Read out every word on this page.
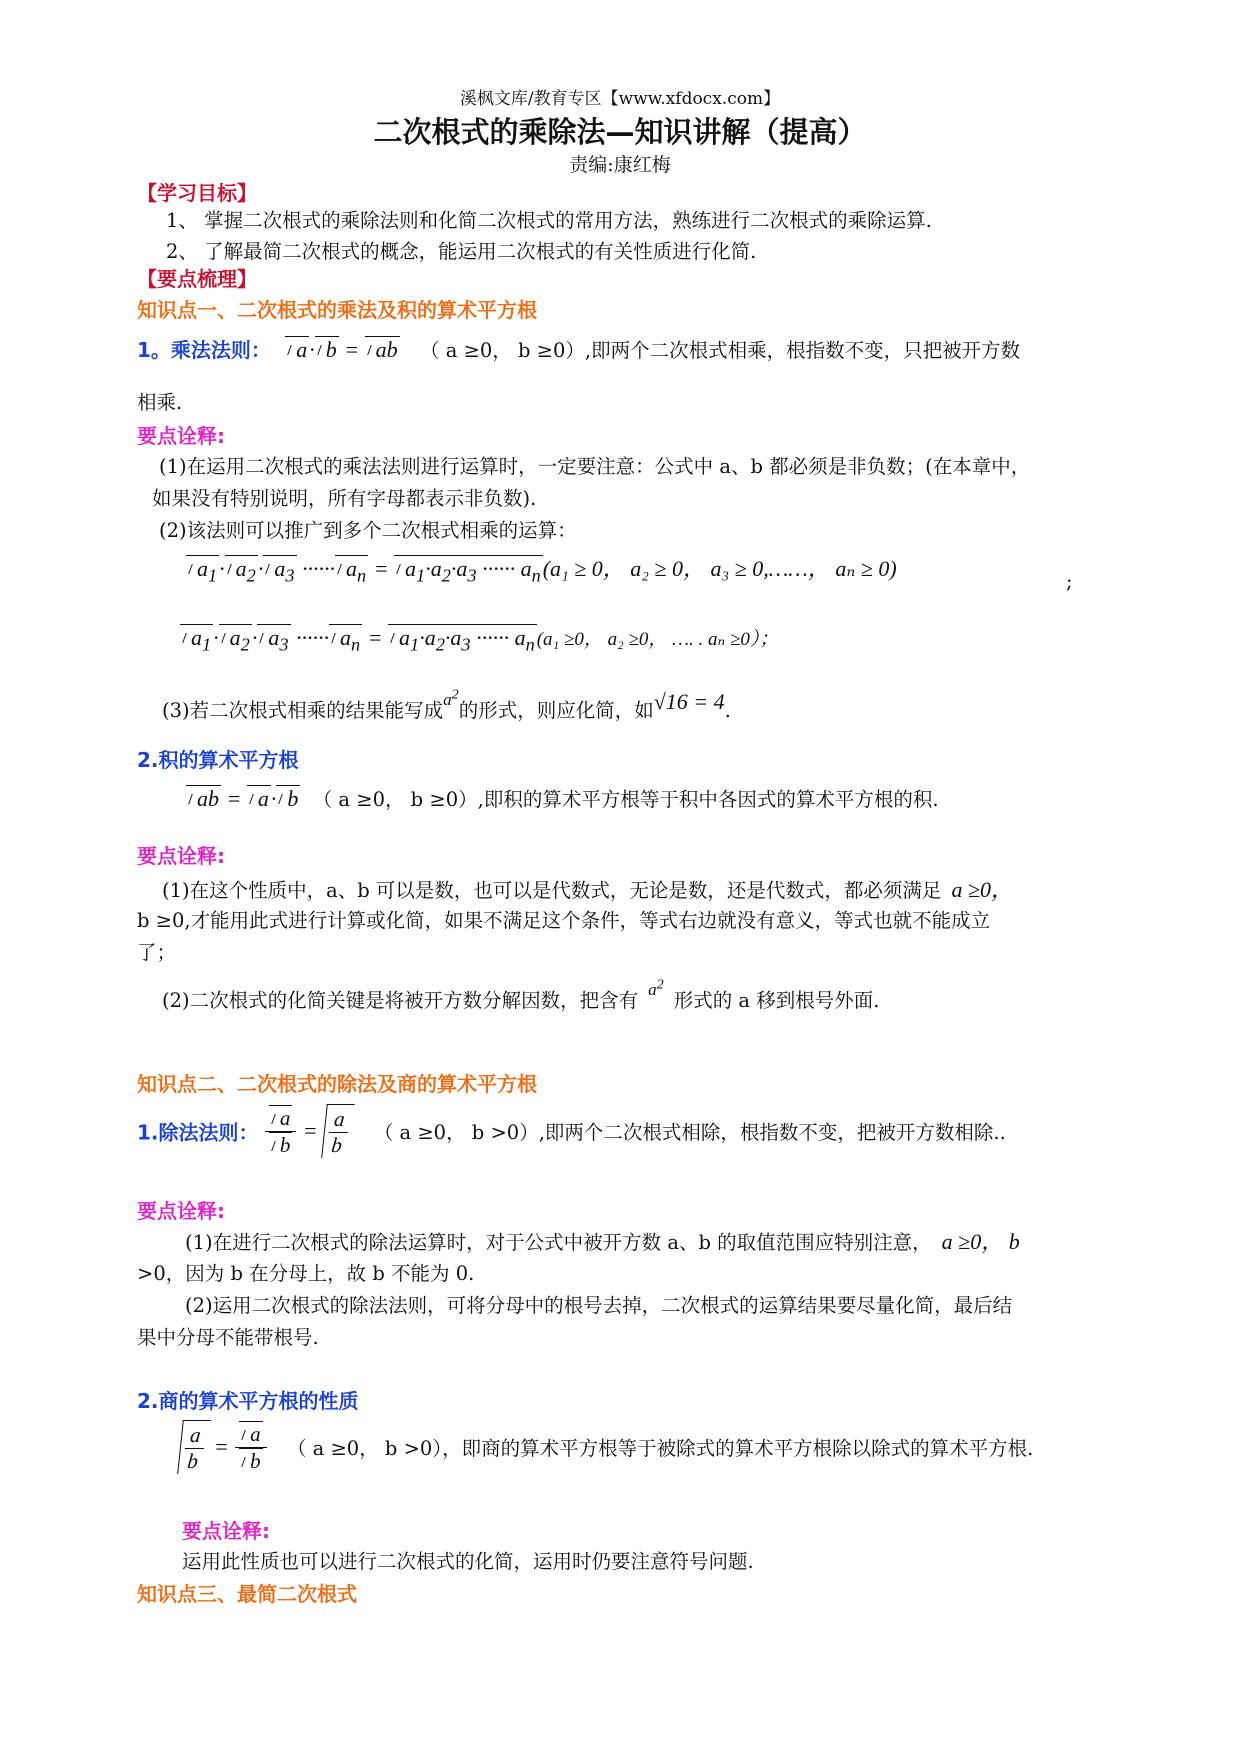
溪枫文库/教育专区【www.xfdocx.com】
二次根式的乘除法—知识讲解（提高）
责编:康红梅
【学习目标】
1、 掌握二次根式的乘除法则和化简二次根式的常用方法，熟练进行二次根式的乘除运算.
2、 了解最简二次根式的概念，能运用二次根式的有关性质进行化简.
【要点梳理】
知识点一、二次根式的乘法及积的算术平方根
1。乘法法则： a· b = ab （ a ≥0， b ≥0）,即两个二次根式相乘，根指数不变，只把被开方数
相乘.
要点诠释:
(1)在运用二次根式的乘法法则进行运算时，一定要注意：公式中 a、b 都必须是非负数；(在本章中，
如果没有特别说明，所有字母都表示非负数).
(2)该法则可以推广到多个二次根式相乘的运算：
$a_1\cdot a_2\cdot a_3$ ······ $a_n = a_1\cdot a_2\cdot a_3$ ······ $a_n(a_1 \ge 0$， a₂ ≥ 0， a₃ ≥ 0,……， aₙ ≥ 0)
;
$a_1\cdot a_2\cdot a_3$ ······ $a_n = a_1\cdot a_2\cdot a_3$ ······ $a_n$ (a₁ ≥0， a₂ ≥0， …. . aₙ ≥0）；
(3)若二次根式相乘的结果能写成$a^2$的形式，则应化简，如√16 = 4.
2.积的算术平方根
ab = a· b （ a ≥0， b ≥0）,即积的算术平方根等于积中各因式的算术平方根的积.
要点诠释:
(1)在这个性质中，a、b 可以是数，也可以是代数式，无论是数，还是代数式，都必须满足 a ≥0，
b ≥0,才能用此式进行计算或化简，如果不满足这个条件，等式右边就没有意义，等式也就不能成立
了；
(2)二次根式的化简关键是将被开方数分解因数，把含有 $a^2$形式的 a 移到根号外面.
知识点二、二次根式的除法及商的算术平方根
1.除法法则： $\frac{a}{b} = \frac{a}{b}$ （ a ≥0， b >0）,即两个二次根式相除，根指数不变，把被开方数相除..
要点诠释:
(1)在进行二次根式的除法运算时，对于公式中被开方数 a、b 的取值范围应特别注意， a ≥0， b
>0，因为 b 在分母上，故 b 不能为 0.
(2)运用二次根式的除法法则，可将分母中的根号去掉，二次根式的运算结果要尽量化简，最后结
果中分母不能带根号.
2.商的算术平方根的性质
$\frac{a}{b} = \frac{a}{b}$ （ a ≥0， b >0），即商的算术平方根等于被除式的算术平方根除以除式的算术平方根.
要点诠释:
运用此性质也可以进行二次根式的化简，运用时仍要注意符号问题.
知识点三、最简二次根式
